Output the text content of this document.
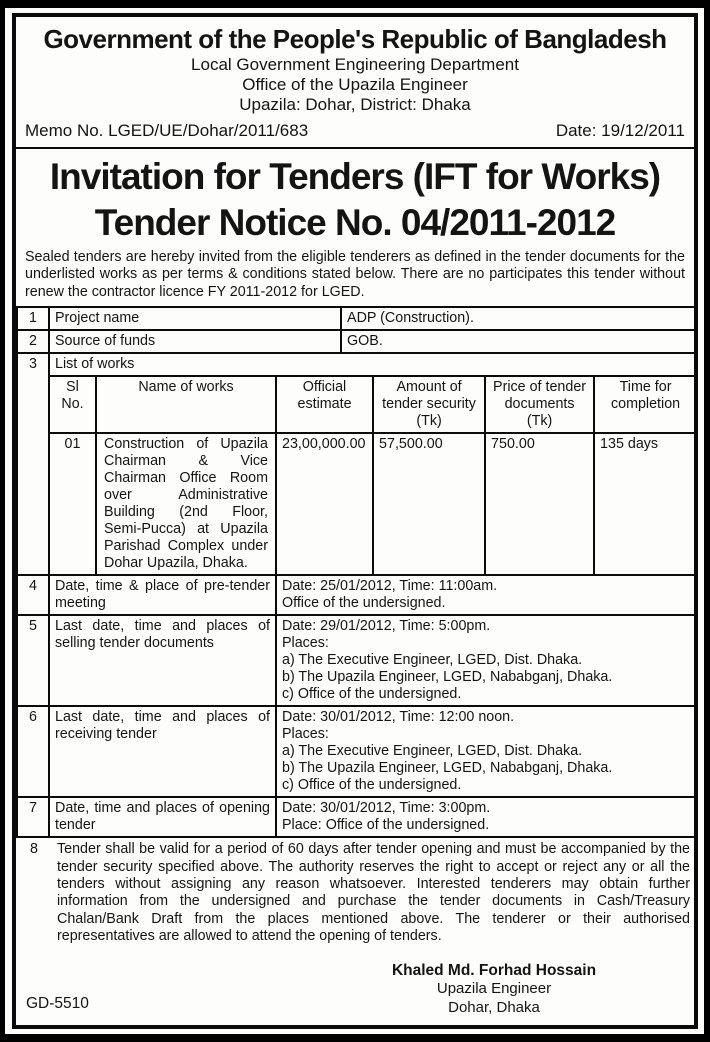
Government of the People's Republic of Bangladesh
Local Government Engineering Department
Office of the Upazila Engineer
Upazila: Dohar, District: Dhaka
Memo No. LGED/UE/Dohar/2011/683	Date: 19/12/2011
Invitation for Tenders (IFT for Works)
Tender Notice No. 04/2011-2012
Sealed tenders are hereby invited from the eligible tenderers as defined in the tender documents for the underlisted works as per terms & conditions stated below. There are no participates this tender without renew the contractor licence FY 2011-2012 for LGED.
1	Project name			ADP (Construction).			
2	Source of funds			GOB.			
3	List of works						

	Sl No.	Name of works	Official estimate		Amount of tender security (Tk)	Price of tender documents (Tk)	Time for completion
	01	Construction of Upazila Chairman & Vice Chairman Office Room over Administrative Building (2nd Floor, Semi-Pucca) at Upazila Parishad Complex under Dohar Upazila, Dhaka.	23,00,000.00		57,500.00	750.00	135 days
4	Date, time & place of pre-tender meeting		Date: 25/01/2012, Time: 11:00am.
Office of the undersigned.				

5	Last date, time and places of selling tender documents		Date: 29/01/2012, Time: 5:00pm.
Places:
a) The Executive Engineer, LGED, Dist. Dhaka.
b) The Upazila Engineer, LGED, Nababganj, Dhaka.
c) Office of the undersigned.				

6	Last date, time and places of receiving tender		Date: 30/01/2012, Time: 12:00 noon.
Places:
a) The Executive Engineer, LGED, Dist. Dhaka.
b) The Upazila Engineer, LGED, Nababganj, Dhaka.
c) Office of the undersigned.				

7	Date, time and places of opening tender		Date: 30/01/2012, Time: 3:00pm.
Place: Office of the undersigned.				
8	Tender shall be valid for a period of 60 days after tender opening and must be accompanied by the tender security specified above. The authority reserves the right to accept or reject any or all the tenders without assigning any reason whatsoever. Interested tenderers may obtain further information from the undersigned and purchase the tender documents in Cash/Treasury Chalan/Bank Draft from the places mentioned above. The tenderer or their authorised representatives are allowed to attend the opening of tenders.
Khaled Md. Forhad Hossain
Upazila Engineer
Dohar, Dhaka
GD-5510
